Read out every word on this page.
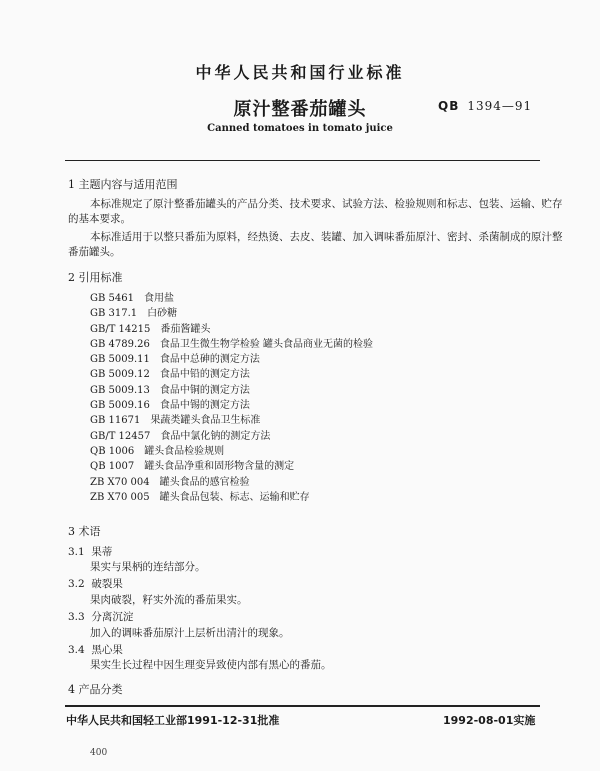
中华人民共和国行业标准
原汁整番茄罐头	QB 1394—91
Canned tomatoes in tomato juice
1 主题内容与适用范围
本标准规定了原汁整番茄罐头的产品分类、技术要求、试验方法、检验规则和标志、包装、运输、贮存
的基本要求。
本标准适用于以整只番茄为原料，经热烫、去皮、装罐、加入调味番茄原汁、密封、杀菌制成的原汁整
番茄罐头。
2 引用标准
GB 5461 食用盐
GB 317.1 白砂糖
GB/T 14215 番茄酱罐头
GB 4789.26 食品卫生微生物学检验 罐头食品商业无菌的检验
GB 5009.11 食品中总砷的测定方法
GB 5009.12 食品中铅的测定方法
GB 5009.13 食品中铜的测定方法
GB 5009.16 食品中锡的测定方法
GB 11671 果蔬类罐头食品卫生标准
GB/T 12457 食品中氯化钠的测定方法
QB 1006 罐头食品检验规则
QB 1007 罐头食品净重和固形物含量的测定
ZB X70 004 罐头食品的感官检验
ZB X70 005 罐头食品包装、标志、运输和贮存
3 术语
3.1 果蒂
果实与果柄的连结部分。
3.2 破裂果
果肉破裂，籽实外流的番茄果实。
3.3 分离沉淀
加入的调味番茄原汁上层析出清汁的现象。
3.4 黑心果
果实生长过程中因生理变异致使内部有黑心的番茄。
4 产品分类
中华人民共和国轻工业部1991-12-31批准	1992-08-01实施
400
